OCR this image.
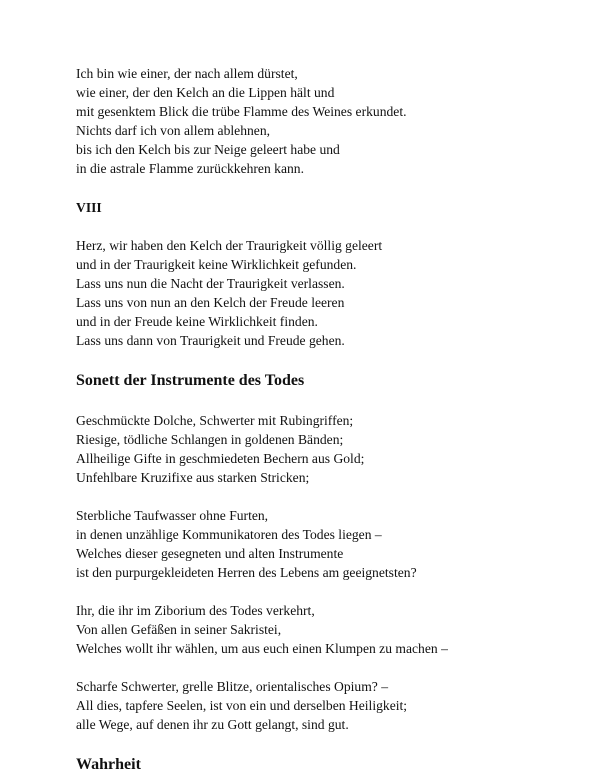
Ich bin wie einer, der nach allem dürstet,
wie einer, der den Kelch an die Lippen hält und
mit gesenktem Blick die trübe Flamme des Weines erkundet.
Nichts darf ich von allem ablehnen,
bis ich den Kelch bis zur Neige geleert habe und
in die astrale Flamme zurückkehren kann.
VIII
Herz, wir haben den Kelch der Traurigkeit völlig geleert
und in der Traurigkeit keine Wirklichkeit gefunden.
Lass uns nun die Nacht der Traurigkeit verlassen.
Lass uns von nun an den Kelch der Freude leeren
und in der Freude keine Wirklichkeit finden.
Lass uns dann von Traurigkeit und Freude gehen.
Sonett der Instrumente des Todes
Geschmückte Dolche, Schwerter mit Rubingriffen;
Riesige, tödliche Schlangen in goldenen Bänden;
Allheilige Gifte in geschmiedeten Bechern aus Gold;
Unfehlbare Kruzifixe aus starken Stricken;
Sterbliche Taufwasser ohne Furten,
in denen unzählige Kommunikatoren des Todes liegen –
Welches dieser gesegneten und alten Instrumente
ist den purpurgekleideten Herren des Lebens am geeignetsten?
Ihr, die ihr im Ziborium des Todes verkehrt,
Von allen Gefäßen in seiner Sakristei,
Welches wollt ihr wählen, um aus euch einen Klumpen zu machen –
Scharfe Schwerter, grelle Blitze, orientalisches Opium? –
All dies, tapfere Seelen, ist von ein und derselben Heiligkeit;
alle Wege, auf denen ihr zu Gott gelangt, sind gut.
Wahrheit
